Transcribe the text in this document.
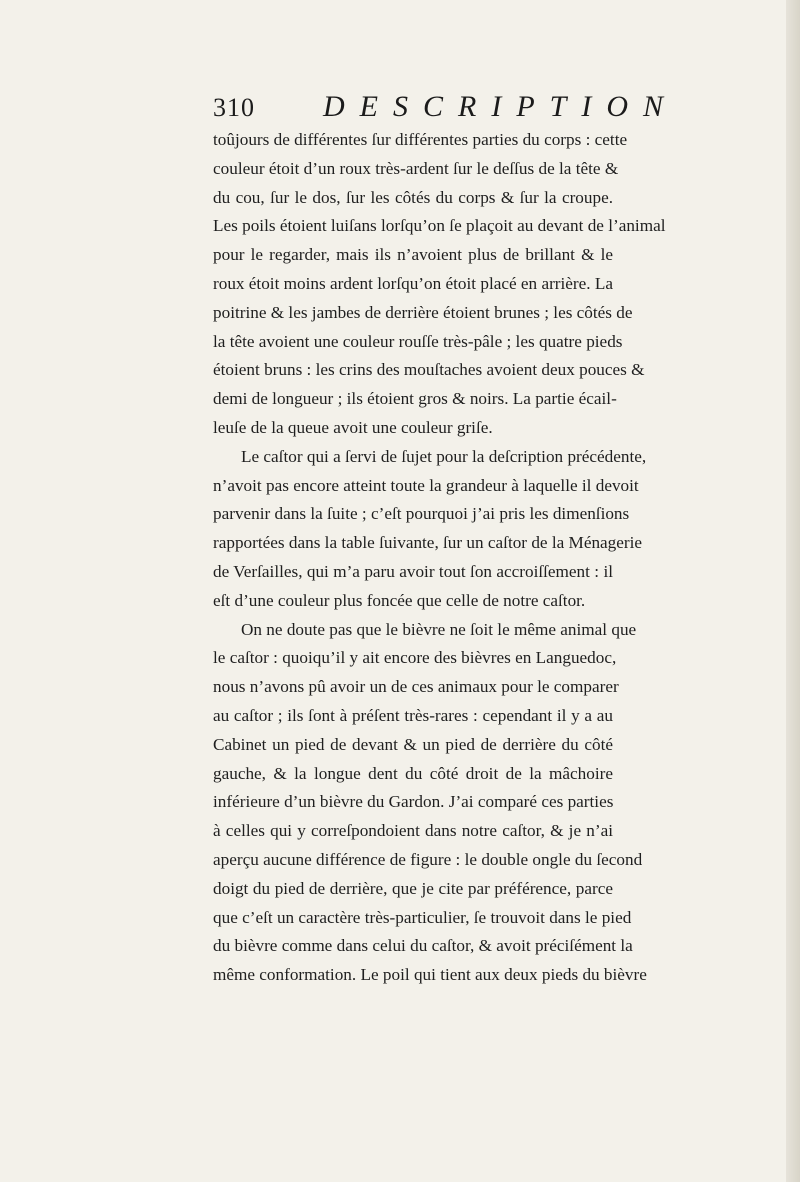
310 DESCRIPTION
toûjours de différentes ſur différentes parties du corps : cette
couleur étoit d’un roux très-ardent ſur le deſſus de la tête &
du cou, ſur le dos, ſur les côtés du corps & ſur la croupe.
Les poils étoient luiſans lorſqu’on ſe plaçoit au devant de l’animal
pour le regarder, mais ils n’avoient plus de brillant & le
roux étoit moins ardent lorſqu’on étoit placé en arrière. La
poitrine & les jambes de derrière étoient brunes ; les côtés de
la tête avoient une couleur rouſſe très-pâle ; les quatre pieds
étoient bruns : les crins des mouſtaches avoient deux pouces &
demi de longueur ; ils étoient gros & noirs. La partie écail-
leuſe de la queue avoit une couleur griſe.
Le caſtor qui a ſervi de ſujet pour la deſcription précédente,
n’avoit pas encore atteint toute la grandeur à laquelle il devoit
parvenir dans la ſuite ; c’eſt pourquoi j’ai pris les dimenſions
rapportées dans la table ſuivante, ſur un caſtor de la Ménagerie
de Verſailles, qui m’a paru avoir tout ſon accroiſſement : il
eſt d’une couleur plus foncée que celle de notre caſtor.
On ne doute pas que le bièvre ne ſoit le même animal que
le caſtor : quoiqu’il y ait encore des bièvres en Languedoc,
nous n’avons pû avoir un de ces animaux pour le comparer
au caſtor ; ils ſont à préſent très-rares : cependant il y a au
Cabinet un pied de devant & un pied de derrière du côté
gauche, & la longue dent du côté droit de la mâchoire
inférieure d’un bièvre du Gardon. J’ai comparé ces parties
à celles qui y correſpondoient dans notre caſtor, & je n’ai
aperçu aucune différence de figure : le double ongle du ſecond
doigt du pied de derrière, que je cite par préférence, parce
que c’eſt un caractère très-particulier, ſe trouvoit dans le pied
du bièvre comme dans celui du caſtor, & avoit préciſément la
même conformation. Le poil qui tient aux deux pieds du bièvre
